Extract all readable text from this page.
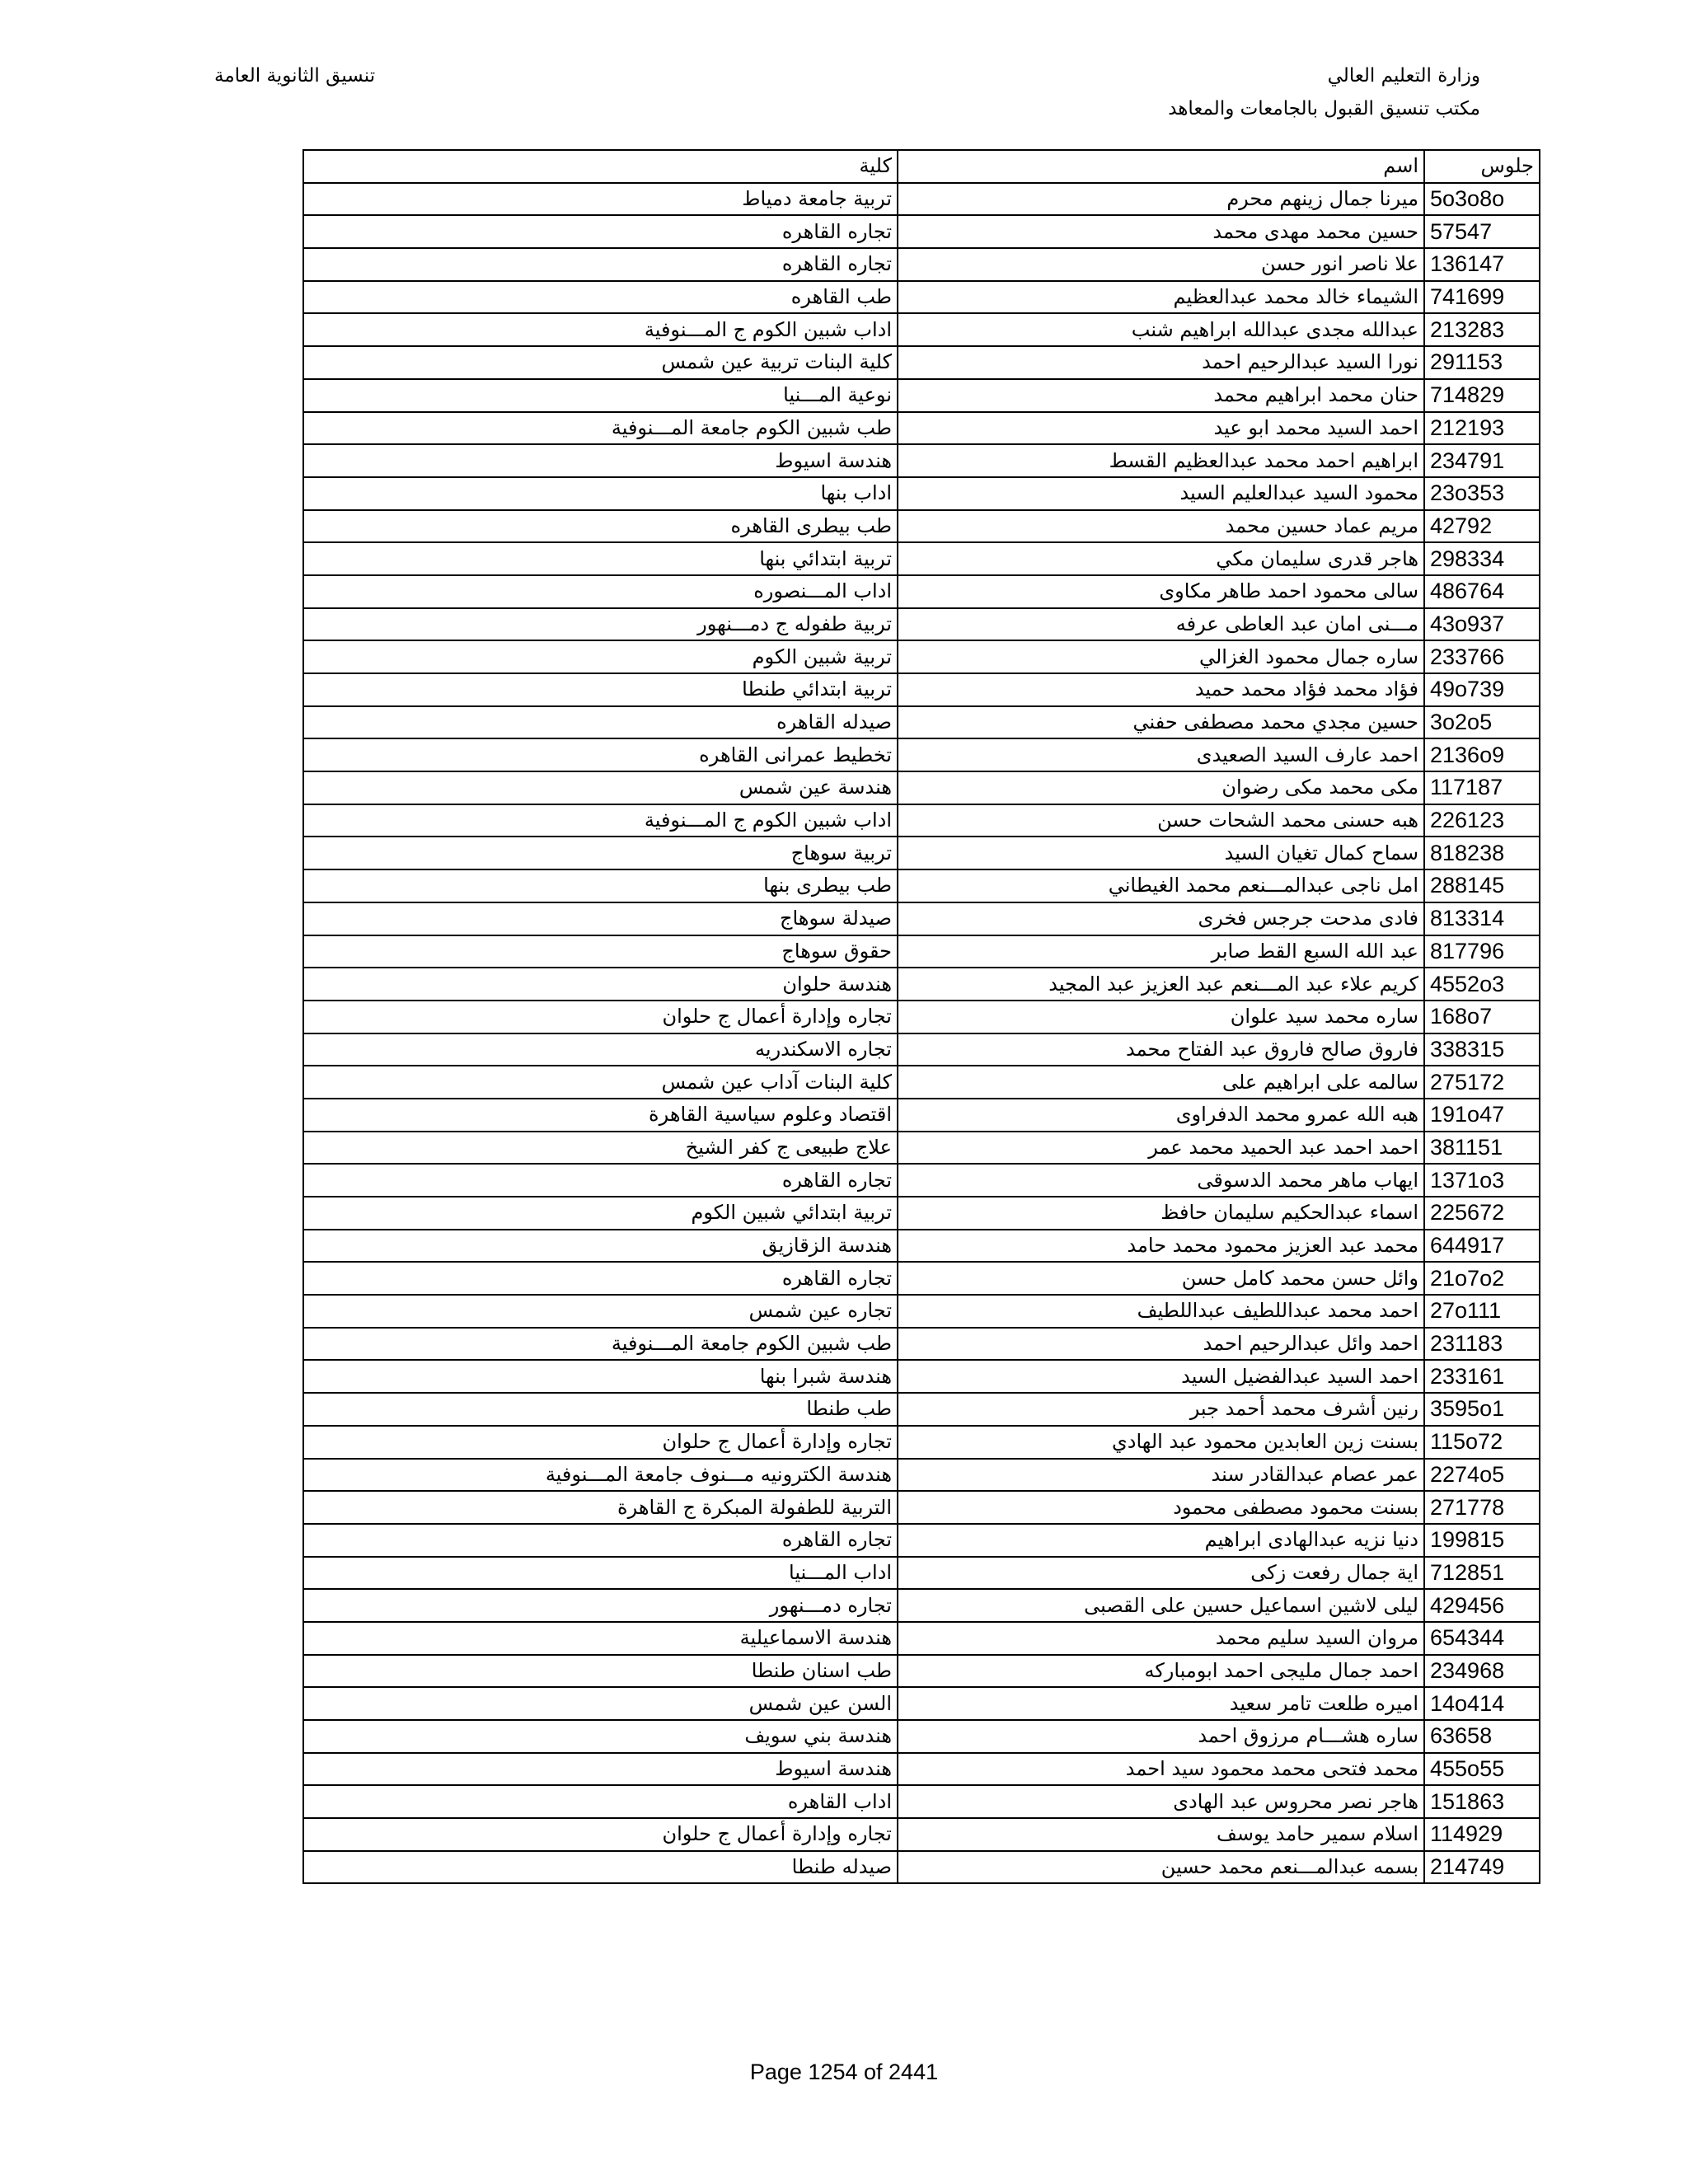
وزارة التعليم العالي
مكتب تنسيق القبول بالجامعات والمعاهد
تنسيق الثانوية العامة
كلية	اسم	جلوس
تربية جامعة دمياط	ميرنا جمال زينهم محرم	5o3o8o
تجاره القاهره	حسين محمد مهدى محمد	57547
تجاره القاهره	علا ناصر انور حسن	136147
طب القاهره	الشيماء خالد محمد عبدالعظيم	741699
اداب شبين الكوم ج المـــنوفية	عبدالله مجدى عبدالله ابراهيم شنب	213283
كلية البنات تربية عين شمس	نورا السيد عبدالرحيم احمد	291153
نوعية المـــنيا	حنان محمد ابراهيم محمد	714829
طب شبين الكوم جامعة المـــنوفية	احمد السيد محمد ابو عيد	212193
هندسة اسيوط	ابراهيم احمد محمد عبدالعظيم القسط	234791
اداب بنها	محمود السيد عبدالعليم السيد	23o353
طب بيطرى القاهره	مريم عماد حسين محمد	42792
تربية ابتدائي بنها	هاجر قدرى سليمان مكي	298334
اداب المـــنصوره	سالى محمود احمد طاهر مكاوى	486764
تربية طفوله ج دمـــنهور	مـــنى امان عبد العاطى عرفه	43o937
تربية شبين الكوم	ساره جمال محمود الغزالي	233766
تربية ابتدائي طنطا	فؤاد محمد فؤاد محمد حميد	49o739
صيدله القاهره	حسين مجدي محمد مصطفى حفني	3o2o5
تخطيط عمرانى القاهره	احمد عارف السيد الصعيدى	2136o9
هندسة عين شمس	مكى محمد مكى رضوان	117187
اداب شبين الكوم ج المـــنوفية	هبه حسنى محمد الشحات حسن	226123
تربية سوهاج	سماح كمال تغيان السيد	818238
طب بيطرى بنها	امل ناجى عبدالمـــنعم محمد الغيطاني	288145
صيدلة سوهاج	فادى مدحت جرجس فخرى	813314
حقوق سوهاج	عبد الله السبع القط صابر	817796
هندسة حلوان	كريم علاء عبد المـــنعم عبد العزيز عبد المجيد	4552o3
تجاره وإدارة أعمال ج حلوان	ساره محمد سيد علوان	168o7
تجاره الاسكندريه	فاروق صالح فاروق عبد الفتاح محمد	338315
كلية البنات آداب عين شمس	سالمه على ابراهيم على	275172
اقتصاد وعلوم سياسية القاهرة	هبه الله عمرو محمد الدفراوى	191o47
علاج طبيعى ج كفر الشيخ	احمد احمد عبد الحميد محمد عمر	381151
تجاره القاهره	ايهاب ماهر محمد الدسوقى	1371o3
تربية ابتدائي شبين الكوم	اسماء عبدالحكيم سليمان حافظ	225672
هندسة الزقازيق	محمد عبد العزيز محمود محمد حامد	644917
تجاره القاهره	وائل حسن محمد كامل حسن	21o7o2
تجاره عين شمس	احمد محمد عبداللطيف عبداللطيف	27o111
طب شبين الكوم جامعة المـــنوفية	احمد وائل عبدالرحيم احمد	231183
هندسة شبرا بنها	احمد السيد عبدالفضيل السيد	233161
طب طنطا	رنين أشرف محمد أحمد جبر	3595o1
تجاره وإدارة أعمال ج حلوان	بسنت زين العابدين محمود عبد الهادي	115o72
هندسة الكترونيه مـــنوف جامعة المـــنوفية	عمر عصام عبدالقادر سند	2274o5
التربية للطفولة المبكرة ج القاهرة	بسنت محمود مصطفى محمود	271778
تجاره القاهره	دنيا نزيه عبدالهادى ابراهيم	199815
اداب المـــنيا	اية جمال رفعت زكى	712851
تجاره دمـــنهور	ليلى لاشين اسماعيل حسين على القصبى	429456
هندسة الاسماعيلية	مروان السيد سليم محمد	654344
طب اسنان طنطا	احمد جمال مليجى احمد ابومباركه	234968
السن عين شمس	اميره طلعت تامر سعيد	14o414
هندسة بني سويف	ساره هشـــام مرزوق احمد	63658
هندسة اسيوط	محمد فتحى محمد محمود سيد احمد	455o55
اداب القاهره	هاجر نصر محروس عبد الهادى	151863
تجاره وإدارة أعمال ج حلوان	اسلام سمير حامد يوسف	114929
صيدله طنطا	بسمه عبدالمـــنعم محمد حسين	214749
Page 1254 of 2441
